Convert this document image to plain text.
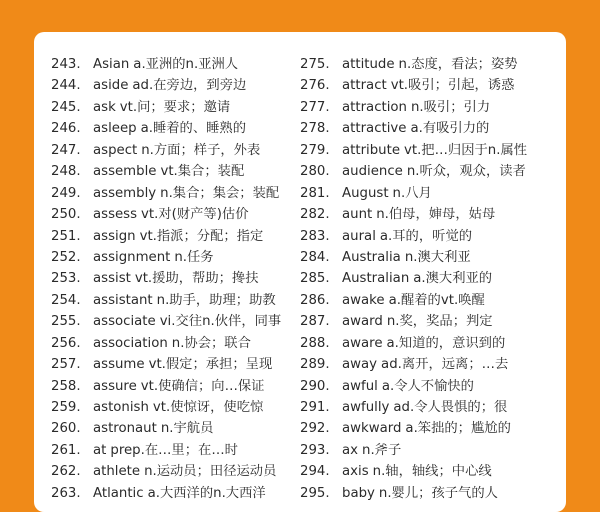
243. Asian a.亚洲的n.亚洲人
244. aside ad.在旁边，到旁边
245. ask vt.问；要求；邀请
246. asleep a.睡着的、睡熟的
247. aspect n.方面；样子，外表
248. assemble vt.集合；装配
249. assembly n.集合；集会；装配
250. assess vt.对(财产等)估价
251. assign vt.指派；分配；指定
252. assignment n.任务
253. assist vt.援助，帮助；搀扶
254. assistant n.助手，助理；助教
255. associate vi.交往n.伙伴，同事
256. association n.协会；联合
257. assume vt.假定；承担；呈现
258. assure vt.使确信；向…保证
259. astonish vt.使惊讶，使吃惊
260. astronaut n.宇航员
261. at prep.在…里；在…时
262. athlete n.运动员；田径运动员
263. Atlantic a.大西洋的n.大西洋
275. attitude n.态度，看法；姿势
276. attract vt.吸引；引起，诱惑
277. attraction n.吸引；引力
278. attractive a.有吸引力的
279. attribute vt.把…归因于n.属性
280. audience n.听众，观众，读者
281. August n.八月
282. aunt n.伯母，婶母，姑母
283. aural a.耳的，听觉的
284. Australia n.澳大利亚
285. Australian a.澳大利亚的
286. awake a.醒着的vt.唤醒
287. award n.奖，奖品；判定
288. aware a.知道的，意识到的
289. away ad.离开，远离；…去
290. awful a.令人不愉快的
291. awfully ad.令人畏惧的；很
292. awkward a.笨拙的；尴尬的
293. ax n.斧子
294. axis n.轴，轴线；中心线
295. baby n.婴儿；孩子气的人
